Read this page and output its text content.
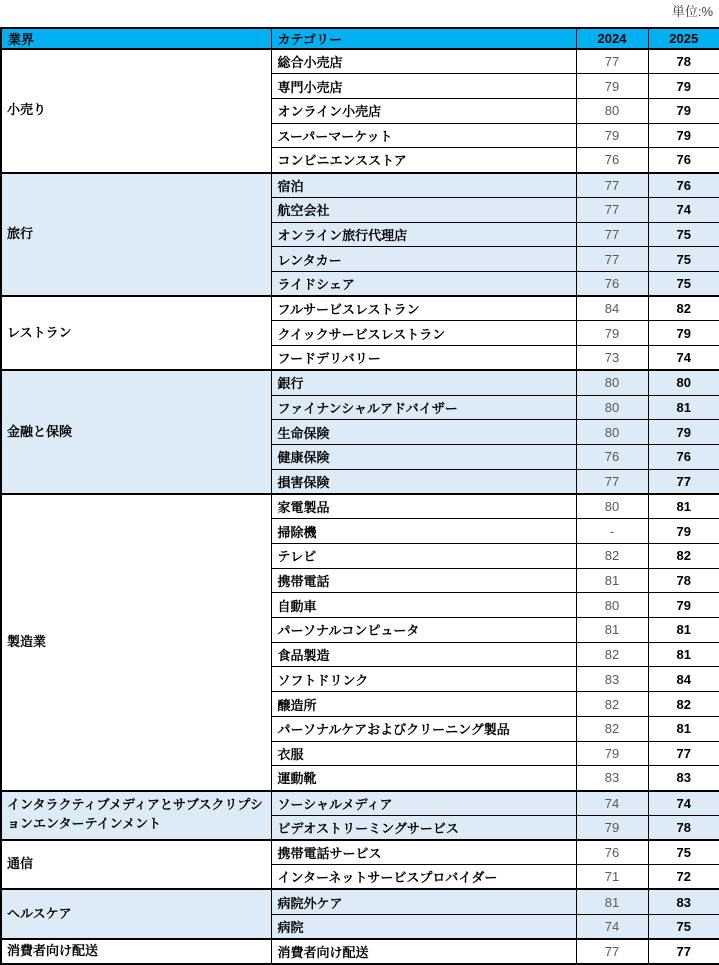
単位:%
業界	カテゴリー	2024	2025
小売り	総合小売店	77	78
	専門小売店	79	79
	オンライン小売店	80	79
	スーパーマーケット	79	79
	コンビニエンスストア	76	76
旅行	宿泊	77	76
	航空会社	77	74
	オンライン旅行代理店	77	75
	レンタカー	77	75
	ライドシェア	76	75
レストラン	フルサービスレストラン	84	82
	クイックサービスレストラン	79	79
	フードデリバリー	73	74
金融と保険	銀行	80	80
	ファイナンシャルアドバイザー	80	81
	生命保険	80	79
	健康保険	76	76
	損害保険	77	77
製造業	家電製品	80	81
	掃除機	-	79
	テレビ	82	82
	携帯電話	81	78
	自動車	80	79
	パーソナルコンピュータ	81	81
	食品製造	82	81
	ソフトドリンク	83	84
	醸造所	82	82
	パーソナルケアおよびクリーニング製品	82	81
	衣服	79	77
	運動靴	83	83
インタラクティブメディアとサブスクリプションエンターテインメント	ソーシャルメディア	74	74
	ビデオストリーミングサービス	79	78
通信	携帯電話サービス	76	75
	インターネットサービスプロバイダー	71	72
ヘルスケア	病院外ケア	81	83
	病院	74	75
消費者向け配送	消費者向け配送	77	77
